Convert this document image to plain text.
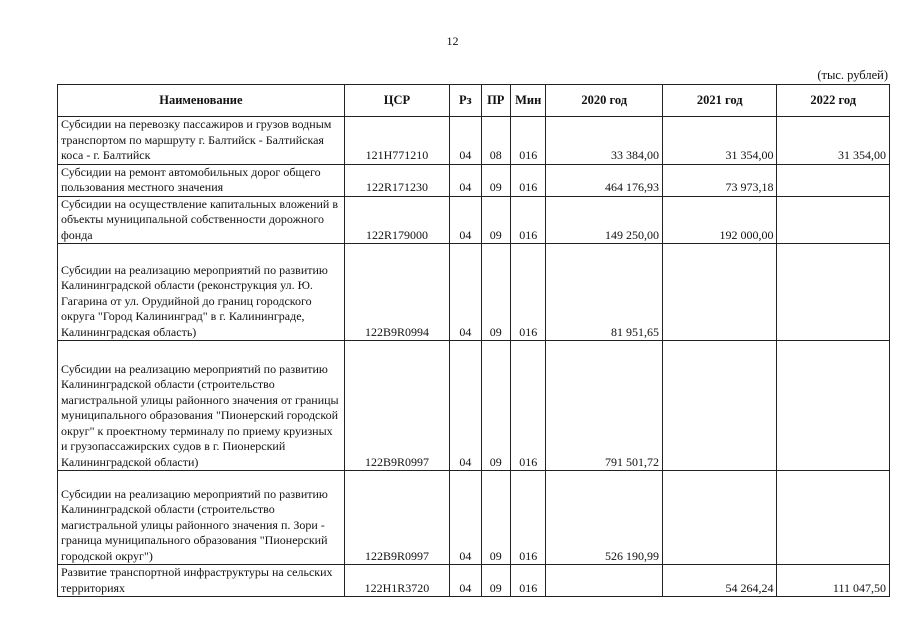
12
(тыс. рублей)
Наименование	ЦСР	Рз	ПР	Мин	2020 год	2021 год	2022 год
Субсидии на перевозку пассажиров и грузов водным транспортом по маршруту г. Балтийск - Балтийская коса - г. Балтийск	121H771210	04	08	016	33 384,00	31 354,00	31 354,00
Субсидии на ремонт автомобильных дорог общего пользования местного значения	122R171230	04	09	016	464 176,93	73 973,18	
Субсидии на осуществление капитальных вложений в объекты муниципальной собственности дорожного фонда	122R179000	04	09	016	149 250,00	192 000,00	
Субсидии на реализацию мероприятий по развитию Калининградской области (реконструкция ул. Ю. Гагарина от ул. Орудийной до границ городского округа "Город Калининград" в г. Калининграде, Калининградская область)	122B9R0994	04	09	016	81 951,65		
Субсидии на реализацию мероприятий по развитию Калининградской области (строительство магистральной улицы районного значения от границы муниципального образования "Пионерский городской округ" к проектному терминалу по приему круизных и грузопассажирских судов в г. Пионерский Калининградской области)	122B9R0997	04	09	016	791 501,72		
Субсидии на реализацию мероприятий по развитию Калининградской области (строительство магистральной улицы районного значения п. Зори - граница муниципального образования "Пионерский городской округ")	122B9R0997	04	09	016	526 190,99		
Развитие транспортной инфраструктуры на сельских территориях	122H1R3720	04	09	016		54 264,24	111 047,50
